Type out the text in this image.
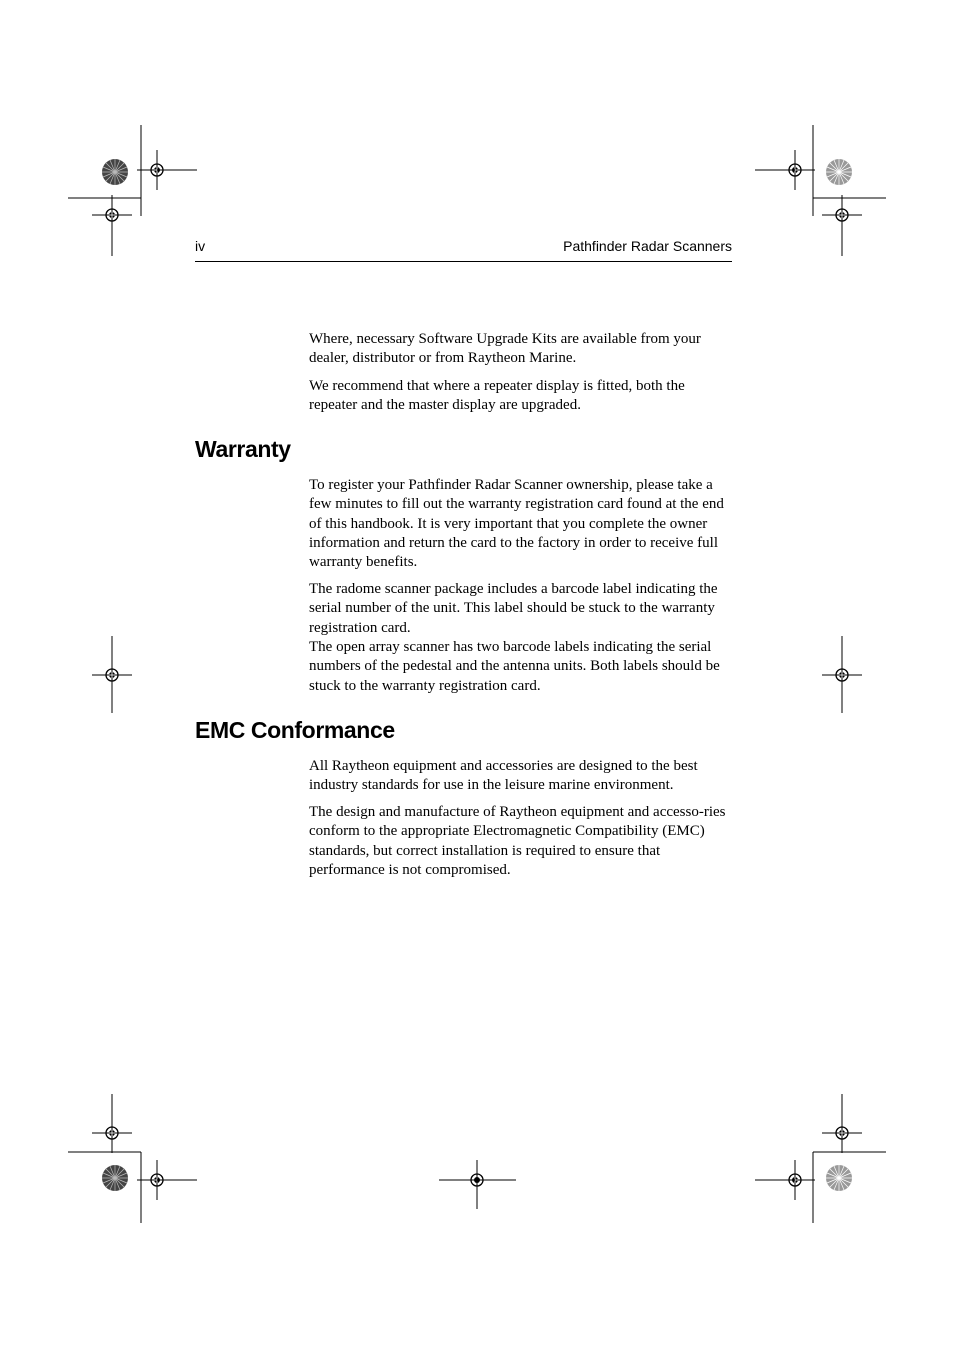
iv	Pathfinder Radar Scanners

Where, necessary Software Upgrade Kits are available from your dealer, distributor or from Raytheon Marine.

We recommend that where a repeater display is fitted, both the repeater and the master display are upgraded.

Warranty

To register your Pathfinder Radar Scanner ownership, please take a few minutes to fill out the warranty registration card found at the end of this handbook. It is very important that you complete the owner information and return the card to the factory in order to receive full warranty benefits.

The radome scanner package includes a barcode label indicating the serial number of the unit. This label should be stuck to the warranty registration card.

The open array scanner has two barcode labels indicating the serial numbers of the pedestal and the antenna units. Both labels should be stuck to the warranty registration card.

EMC Conformance

All Raytheon equipment and accessories are designed to the best industry standards for use in the leisure marine environment.

The design and manufacture of Raytheon equipment and accesso-ries conform to the appropriate Electromagnetic Compatibility (EMC) standards, but correct installation is required to ensure that performance is not compromised.
